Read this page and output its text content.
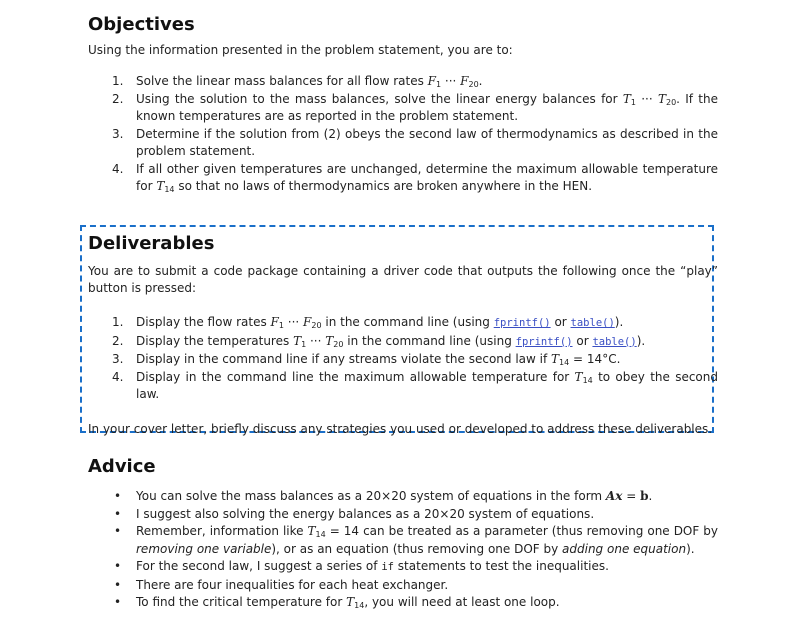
Objectives

Using the information presented in the problem statement, you are to:

1. Solve the linear mass balances for all flow rates $F_1$ ··· $F_{20}$.
2. Using the solution to the mass balances, solve the linear energy balances for $T_1$ ··· $T_{20}$. If the known temperatures are as reported in the problem statement.
3. Determine if the solution from (2) obeys the second law of thermodynamics as described in the problem statement.
4. If all other given temperatures are unchanged, determine the maximum allowable temperature for $T_{14}$ so that no laws of thermodynamics are broken anywhere in the HEN.
Deliverables

You are to submit a code package containing a driver code that outputs the following once the “play” button is pressed:

1. Display the flow rates $F_1$ ··· $F_{20}$ in the command line (using fprintf() or table()).
2. Display the temperatures $T_1$ ··· $T_{20}$ in the command line (using fprintf() or table()).
3. Display in the command line if any streams violate the second law if $T_{14} = 14^\circ C$.
4. Display in the command line the maximum allowable temperature for $T_{14}$ to obey the second law.

In your cover letter, briefly discuss any strategies you used or developed to address these deliverables.

Advice
• You can solve the mass balances as a 20×20 system of equations in the form Ax = b.
• I suggest also solving the energy balances as a 20×20 system of equations.
• Remember, information like $T_{14} = 14$ can be treated as a parameter (thus removing one DOF by removing one variable), or as an equation (thus removing one DOF by adding one equation).
• For the second law, I suggest a series of if statements to test the inequalities.
• There are four inequalities for each heat exchanger.
• To find the critical temperature for $T_{14}$, you will need at least one loop.
